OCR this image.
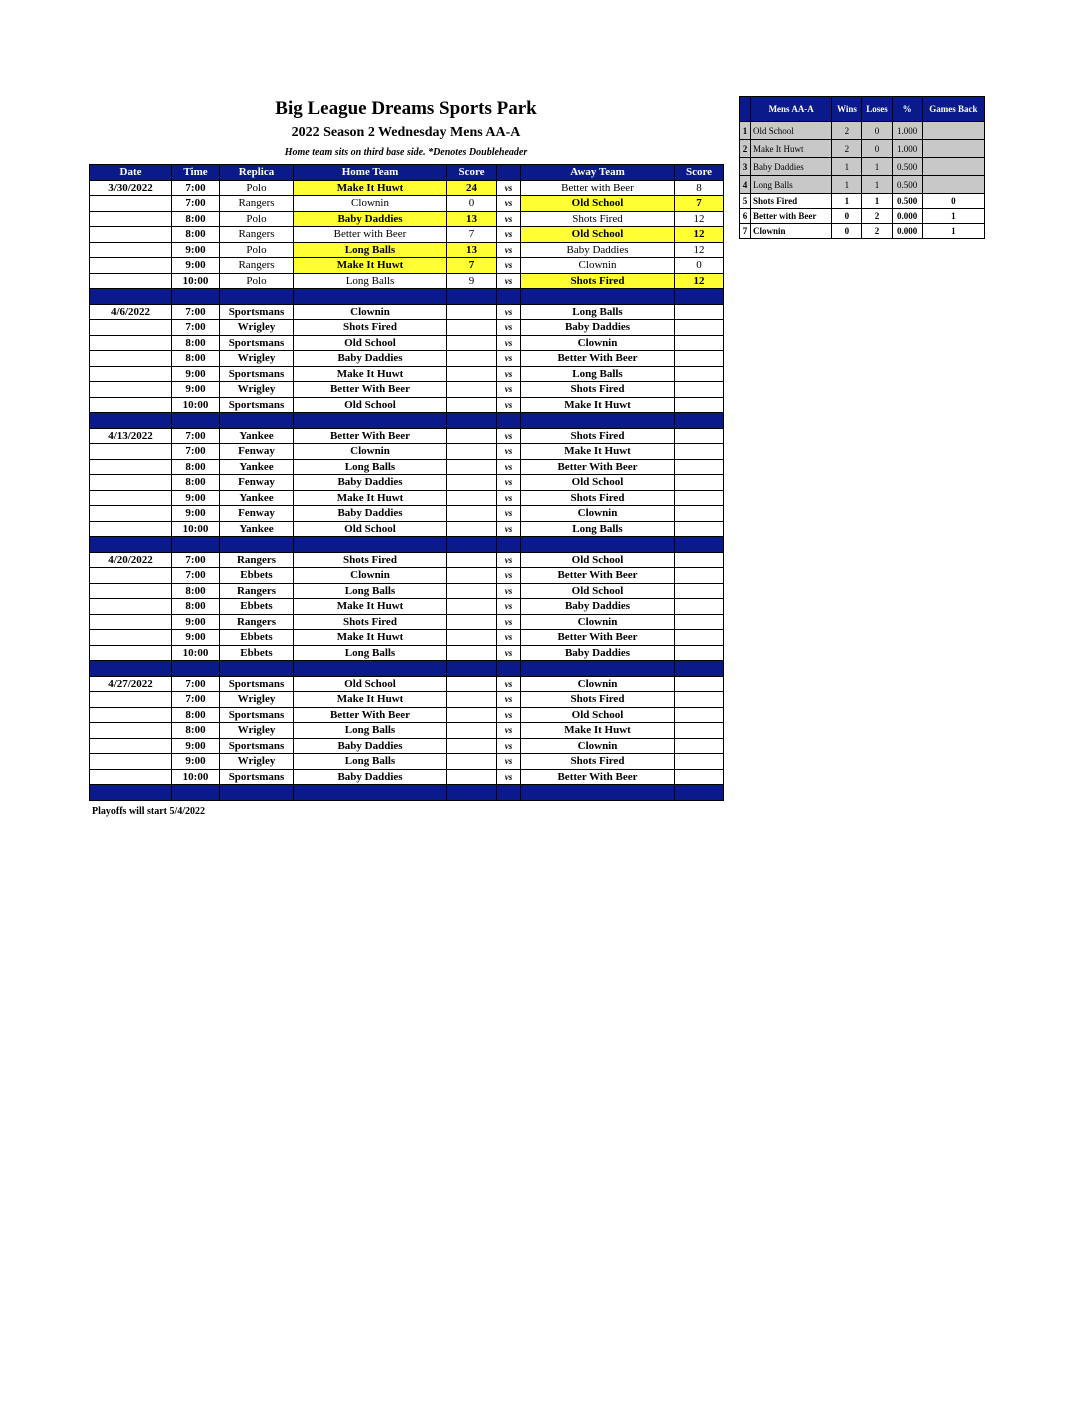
Big League Dreams Sports Park
2022 Season 2 Wednesday Mens AA-A
Home team sits on third base side. *Denotes Doubleheader
Date	Time	Replica	Home Team	Score		Away Team	Score
3/30/2022	7:00	Polo	Make It Huwt	24	vs	Better with Beer	8
	7:00	Rangers	Clownin	0	vs	Old School	7
	8:00	Polo	Baby Daddies	13	vs	Shots Fired	12
	8:00	Rangers	Better with Beer	7	vs	Old School	12
	9:00	Polo	Long Balls	13	vs	Baby Daddies	12
	9:00	Rangers	Make It Huwt	7	vs	Clownin	0
	10:00	Polo	Long Balls	9	vs	Shots Fired	12

4/6/2022	7:00	Sportsmans	Clownin		vs	Long Balls	
	7:00	Wrigley	Shots Fired		vs	Baby Daddies	
	8:00	Sportsmans	Old School		vs	Clownin	
	8:00	Wrigley	Baby Daddies		vs	Better With Beer	
	9:00	Sportsmans	Make It Huwt		vs	Long Balls	
	9:00	Wrigley	Better With Beer		vs	Shots Fired	
	10:00	Sportsmans	Old School		vs	Make It Huwt	

4/13/2022	7:00	Yankee	Better With Beer		vs	Shots Fired	
	7:00	Fenway	Clownin		vs	Make It Huwt	
	8:00	Yankee	Long Balls		vs	Better With Beer	
	8:00	Fenway	Baby Daddies		vs	Old School	
	9:00	Yankee	Make It Huwt		vs	Shots Fired	
	9:00	Fenway	Baby Daddies		vs	Clownin	
	10:00	Yankee	Old School		vs	Long Balls	

4/20/2022	7:00	Rangers	Shots Fired		vs	Old School	
	7:00	Ebbets	Clownin		vs	Better With Beer	
	8:00	Rangers	Long Balls		vs	Old School	
	8:00	Ebbets	Make It Huwt		vs	Baby Daddies	
	9:00	Rangers	Shots Fired		vs	Clownin	
	9:00	Ebbets	Make It Huwt		vs	Better With Beer	
	10:00	Ebbets	Long Balls		vs	Baby Daddies	

4/27/2022	7:00	Sportsmans	Old School		vs	Clownin	
	7:00	Wrigley	Make It Huwt		vs	Shots Fired	
	8:00	Sportsmans	Better With Beer		vs	Old School	
	8:00	Wrigley	Long Balls		vs	Make It Huwt	
	9:00	Sportsmans	Baby Daddies		vs	Clownin	
	9:00	Wrigley	Long Balls		vs	Shots Fired	
	10:00	Sportsmans	Baby Daddies		vs	Better With Beer	

	Mens AA-A	Wins	Loses	%	Games Back
1	Old School	2	0	1.000	
2	Make It Huwt	2	0	1.000	
3	Baby Daddies	1	1	0.500	
4	Long Balls	1	1	0.500	
5	Shots Fired	1	1	0.500	0
6	Better with Beer	0	2	0.000	1
7	Clownin	0	2	0.000	1
Playoffs will start 5/4/2022
